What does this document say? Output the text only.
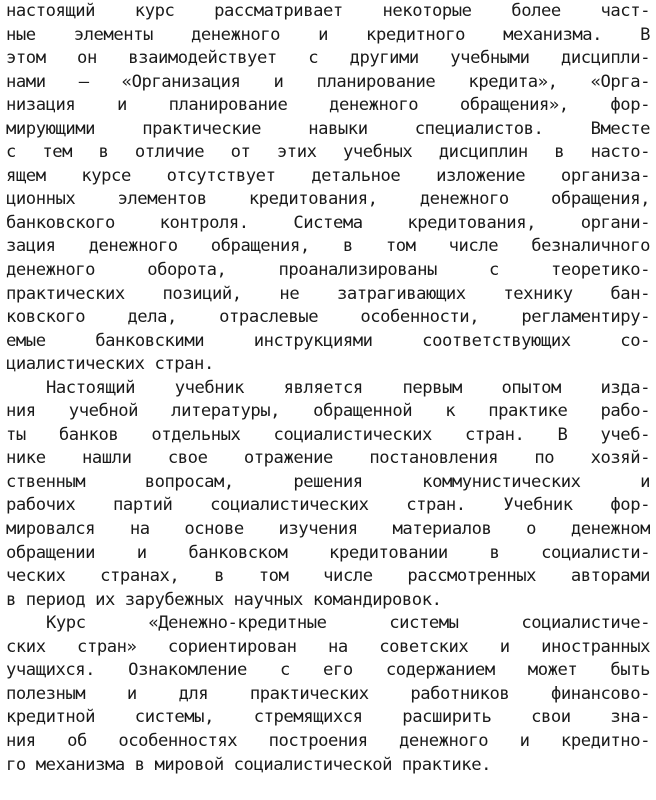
настоящий курс рассматривает некоторые более част-
ные элементы денежного и кредитного механизма. В
этом он взаимодействует с другими учебными дисципли-
нами — «Организация и планирование кредита», «Орга-
низация и планирование денежного обращения», фор-
мирующими практические навыки специалистов. Вместе
с тем в отличие от этих учебных дисциплин в насто-
ящем курсе отсутствует детальное изложение организа-
ционных элементов кредитования, денежного обращения,
банковского контроля. Система кредитования, органи-
зация денежного обращения, в том числе безналичного
денежного оборота, проанализированы с теоретико-
практических позиций, не затрагивающих технику бан-
ковского дела, отраслевые особенности, регламентиру-
емые банковскими инструкциями соответствующих со-
циалистических стран.
Настоящий учебник является первым опытом изда-
ния учебной литературы, обращенной к практике рабо-
ты банков отдельных социалистических стран. В учеб-
нике нашли свое отражение постановления по хозяй-
ственным вопросам, решения коммунистических и
рабочих партий социалистических стран. Учебник фор-
мировался на основе изучения материалов о денежном
обращении и банковском кредитовании в социалисти-
ческих странах, в том числе рассмотренных авторами
в период их зарубежных научных командировок.
Курс «Денежно-кредитные системы социалистиче-
ских стран» сориентирован на советских и иностранных
учащихся. Ознакомление с его содержанием может быть
полезным и для практических работников финансово-
кредитной системы, стремящихся расширить свои зна-
ния об особенностях построения денежного и кредитно-
го механизма в мировой социалистической практике.
